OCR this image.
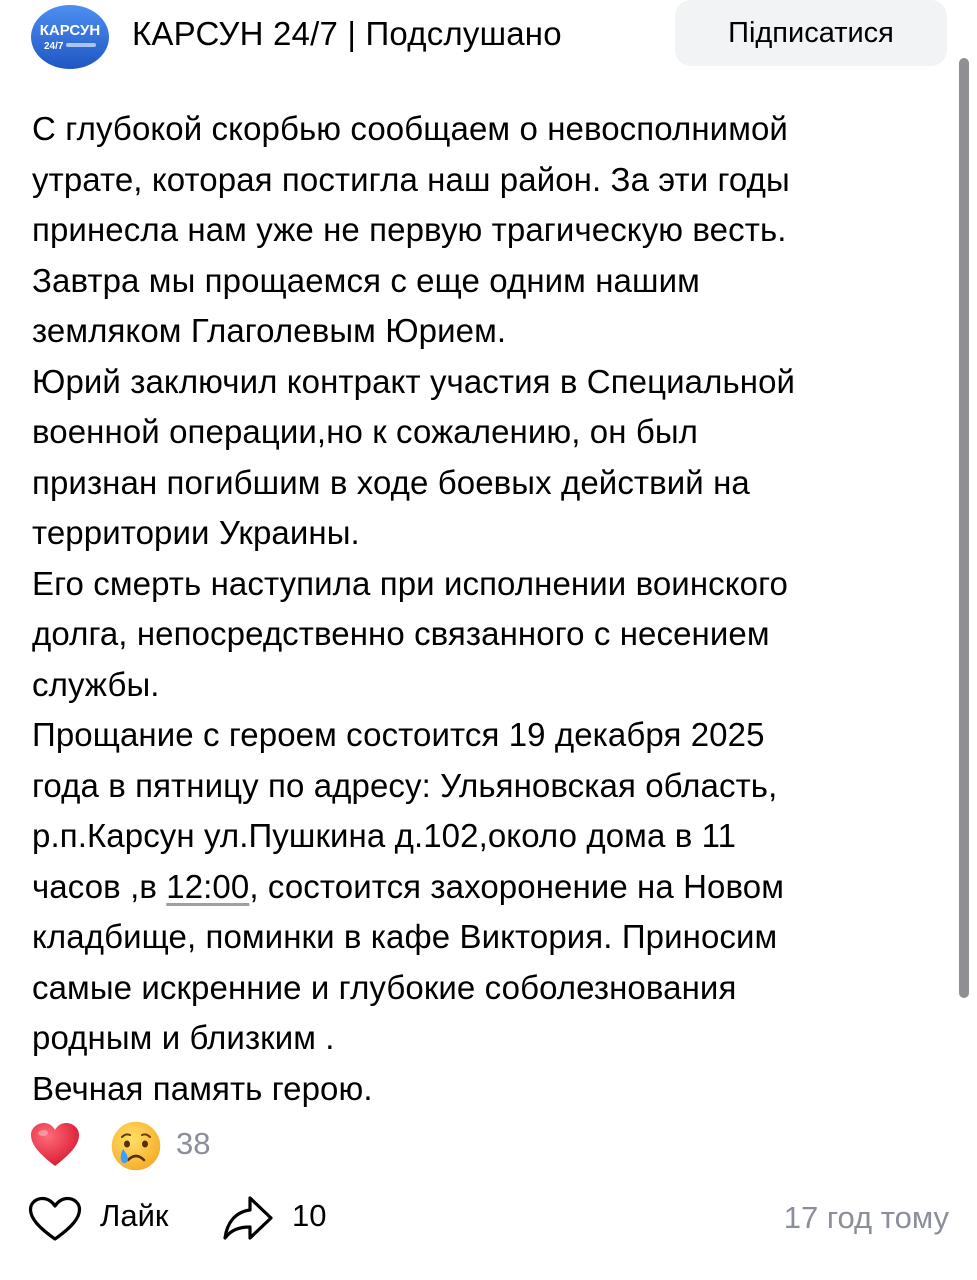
КАРСУН
24/7 КАРСУН 24/7 | Подслушано	Підписатися
С глубокой скорбью сообщаем о невосполнимой
утрате, которая постигла наш район. За эти годы
принесла нам уже не первую трагическую весть.
Завтра мы прощаемся с еще одним нашим
земляком Глаголевым Юрием.
Юрий заключил контракт участия в Специальной
военной операции,но к сожалению, он был
признан погибшим в ходе боевых действий на
территории Украины.
Его смерть наступила при исполнении воинского
долга, непосредственно связанного с несением
службы.
Прощание с героем состоится 19 декабря 2025
года в пятницу по адресу: Ульяновская область,
р.п.Карсун ул.Пушкина д.102,около дома в 11
часов ,в 12:00, состоится захоронение на Новом
кладбище, поминки в кафе Виктория. Приносим
самые искренние и глубокие соболезнования
родным и близким .
Вечная память герою.
38
Лайк	10	17 год тому
